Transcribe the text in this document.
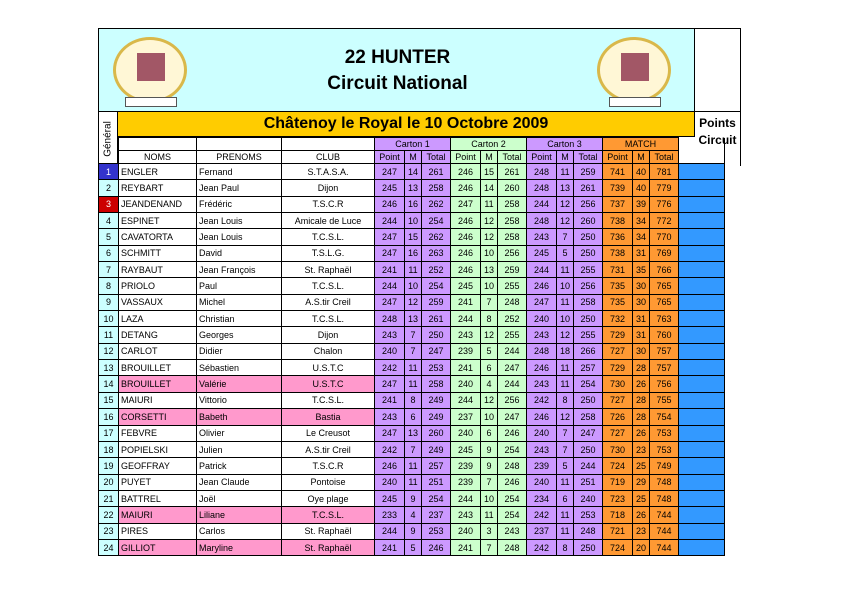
22 HUNTER
Circuit National
Général	Châtenoy le Royal le 10 Octobre 2009	Points
Circuit
				Carton 1			Carton 2			Carton 3			MATCH			
	NOMS	PRENOMS	CLUB	Point	M	Total	Point	M	Total	Point	M	Total	Point	M	Total	
1	ENGLER	Fernand	S.T.A.S.A.	247	14	261	246	15	261	248	11	259	741	40	781	
2	REYBART	Jean Paul	Dijon	245	13	258	246	14	260	248	13	261	739	40	779	
3	JEANDENAND	Frédéric	T.S.C.R	246	16	262	247	11	258	244	12	256	737	39	776	
4	ESPINET	Jean Louis	Amicale de Luce	244	10	254	246	12	258	248	12	260	738	34	772	
5	CAVATORTA	Jean Louis	T.C.S.L.	247	15	262	246	12	258	243	7	250	736	34	770	
6	SCHMITT	David	T.S.L.G.	247	16	263	246	10	256	245	5	250	738	31	769	
7	RAYBAUT	Jean François	St. Raphaël	241	11	252	246	13	259	244	11	255	731	35	766	
8	PRIOLO	Paul	T.C.S.L.	244	10	254	245	10	255	246	10	256	735	30	765	
9	VASSAUX	Michel	A.S.tir Creil	247	12	259	241	7	248	247	11	258	735	30	765	
10	LAZA	Christian	T.C.S.L.	248	13	261	244	8	252	240	10	250	732	31	763	
11	DETANG	Georges	Dijon	243	7	250	243	12	255	243	12	255	729	31	760	
12	CARLOT	Didier	Chalon	240	7	247	239	5	244	248	18	266	727	30	757	
13	BROUILLET	Sébastien	U.S.T.C	242	11	253	241	6	247	246	11	257	729	28	757	
14	BROUILLET	Valérie	U.S.T.C	247	11	258	240	4	244	243	11	254	730	26	756	
15	MAIURI	Vittorio	T.C.S.L.	241	8	249	244	12	256	242	8	250	727	28	755	
16	CORSETTI	Babeth	Bastia	243	6	249	237	10	247	246	12	258	726	28	754	
17	FEBVRE	Olivier	Le Creusot	247	13	260	240	6	246	240	7	247	727	26	753	
18	POPIELSKI	Julien	A.S.tir Creil	242	7	249	245	9	254	243	7	250	730	23	753	
19	GEOFFRAY	Patrick	T.S.C.R	246	11	257	239	9	248	239	5	244	724	25	749	
20	PUYET	Jean Claude	Pontoise	240	11	251	239	7	246	240	11	251	719	29	748	
21	BATTREL	Joël	Oye plage	245	9	254	244	10	254	234	6	240	723	25	748	
22	MAIURI	Liliane	T.C.S.L.	233	4	237	243	11	254	242	11	253	718	26	744	
23	PIRES	Carlos	St. Raphaël	244	9	253	240	3	243	237	11	248	721	23	744	
24	GILLIOT	Maryline	St. Raphaël	241	5	246	241	7	248	242	8	250	724	20	744	
